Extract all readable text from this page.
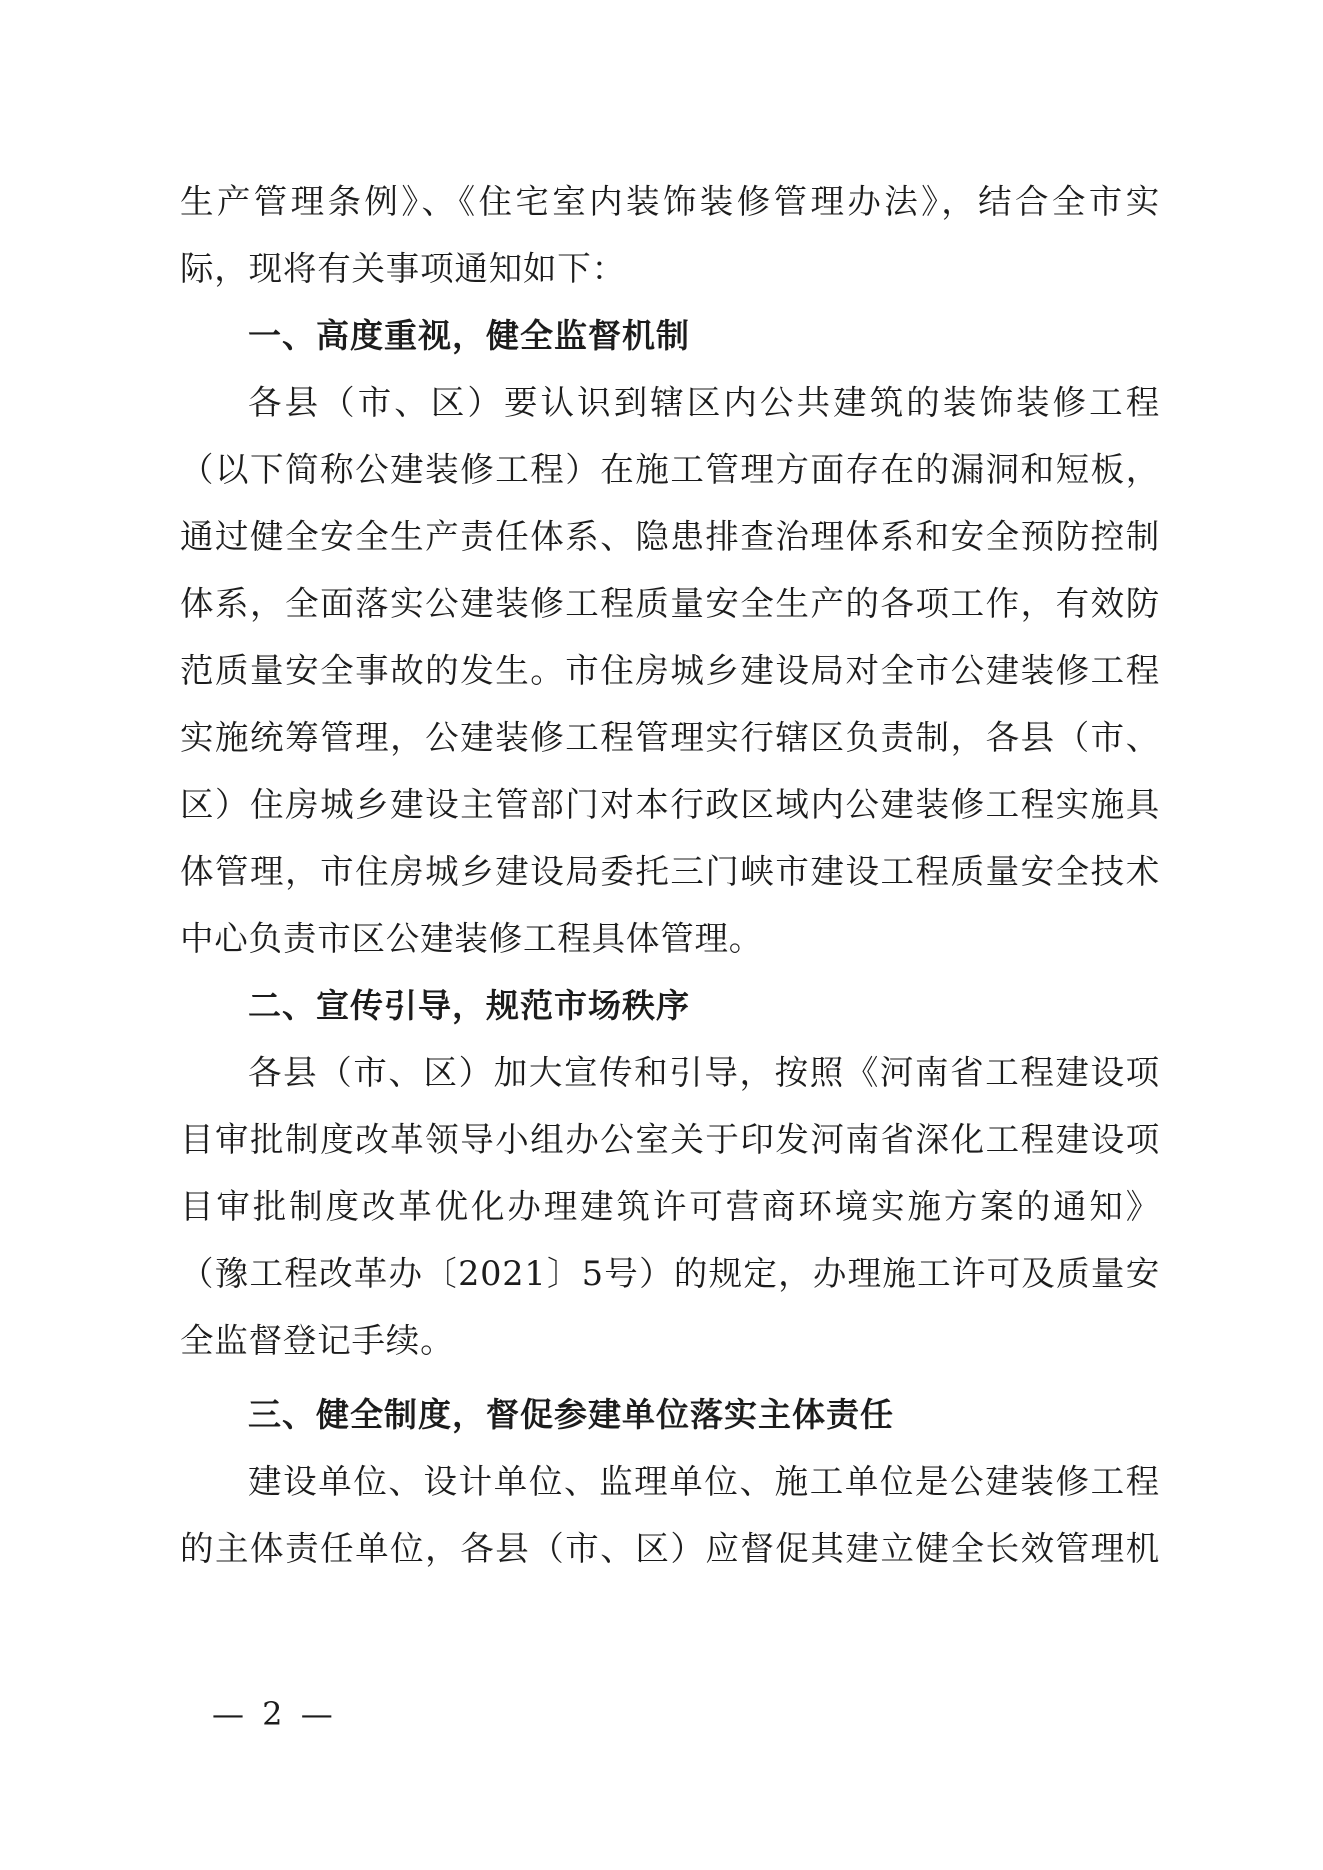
生产管理条例》、《住宅室内装饰装修管理办法》，结合全市实
际，现将有关事项通知如下：
一、高度重视，健全监督机制
各县（市、区）要认识到辖区内公共建筑的装饰装修工程
（以下简称公建装修工程）在施工管理方面存在的漏洞和短板，
通过健全安全生产责任体系、隐患排查治理体系和安全预防控制
体系，全面落实公建装修工程质量安全生产的各项工作，有效防
范质量安全事故的发生。市住房城乡建设局对全市公建装修工程
实施统筹管理，公建装修工程管理实行辖区负责制，各县（市、
区）住房城乡建设主管部门对本行政区域内公建装修工程实施具
体管理，市住房城乡建设局委托三门峡市建设工程质量安全技术
中心负责市区公建装修工程具体管理。
二、宣传引导，规范市场秩序
各县（市、区）加大宣传和引导，按照《河南省工程建设项
目审批制度改革领导小组办公室关于印发河南省深化工程建设项
目审批制度改革优化办理建筑许可营商环境实施方案的通知》
（豫工程改革办〔2021〕5号）的规定，办理施工许可及质量安
全监督登记手续。
三、健全制度，督促参建单位落实主体责任
建设单位、设计单位、监理单位、施工单位是公建装修工程
的主体责任单位，各县（市、区）应督促其建立健全长效管理机
— 2 —
